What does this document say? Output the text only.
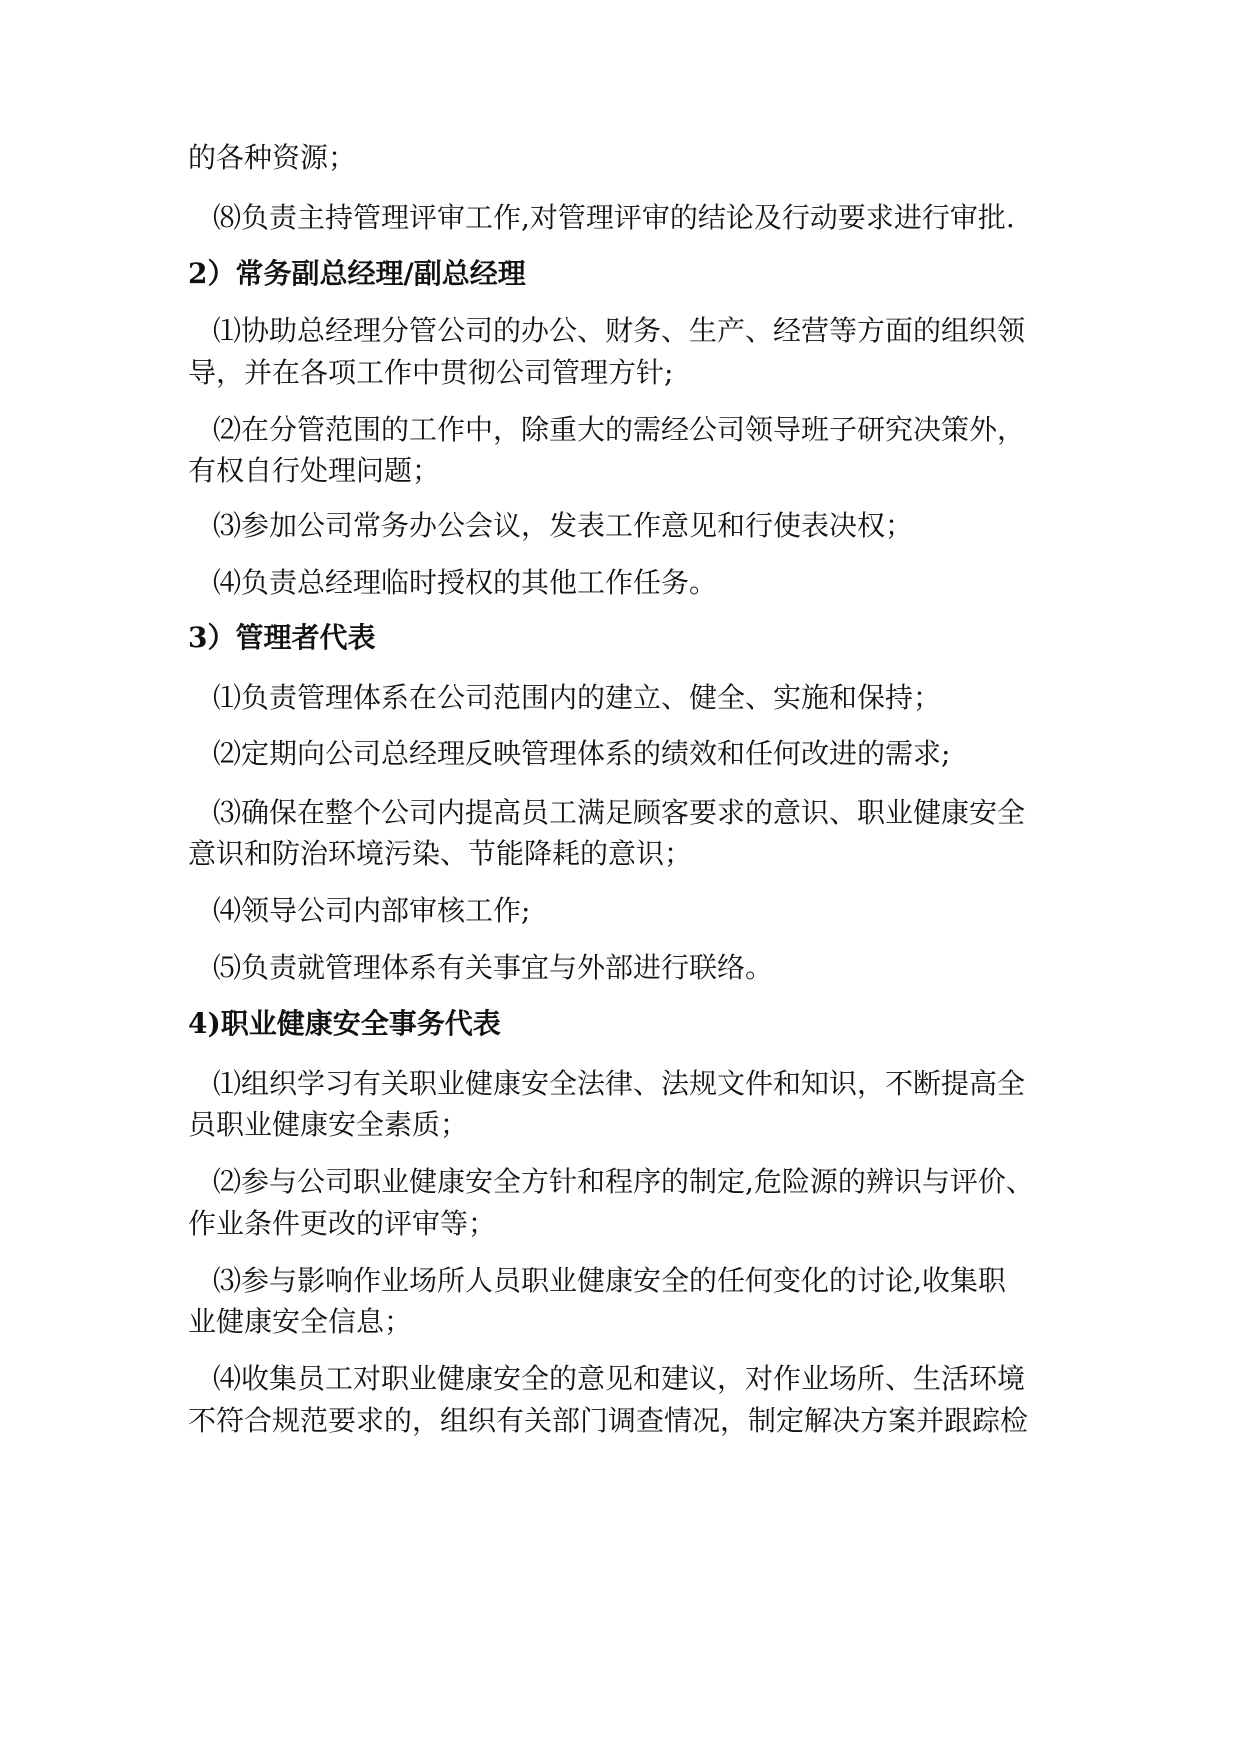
的各种资源；
⑻负责主持管理评审工作,对管理评审的结论及行动要求进行审批.
2）常务副总经理/副总经理
⑴协助总经理分管公司的办公、财务、生产、经营等方面的组织领
导，并在各项工作中贯彻公司管理方针;
⑵在分管范围的工作中，除重大的需经公司领导班子研究决策外，
有权自行处理问题；
⑶参加公司常务办公会议，发表工作意见和行使表决权；
⑷负责总经理临时授权的其他工作任务。
3）管理者代表
⑴负责管理体系在公司范围内的建立、健全、实施和保持；
⑵定期向公司总经理反映管理体系的绩效和任何改进的需求;
⑶确保在整个公司内提高员工满足顾客要求的意识、职业健康安全
意识和防治环境污染、节能降耗的意识；
⑷领导公司内部审核工作;
⑸负责就管理体系有关事宜与外部进行联络。
4)职业健康安全事务代表
⑴组织学习有关职业健康安全法律、法规文件和知识，不断提高全
员职业健康安全素质；
⑵参与公司职业健康安全方针和程序的制定,危险源的辨识与评价、
作业条件更改的评审等；
⑶参与影响作业场所人员职业健康安全的任何变化的讨论,收集职
业健康安全信息；
⑷收集员工对职业健康安全的意见和建议，对作业场所、生活环境
不符合规范要求的，组织有关部门调查情况，制定解决方案并跟踪检
